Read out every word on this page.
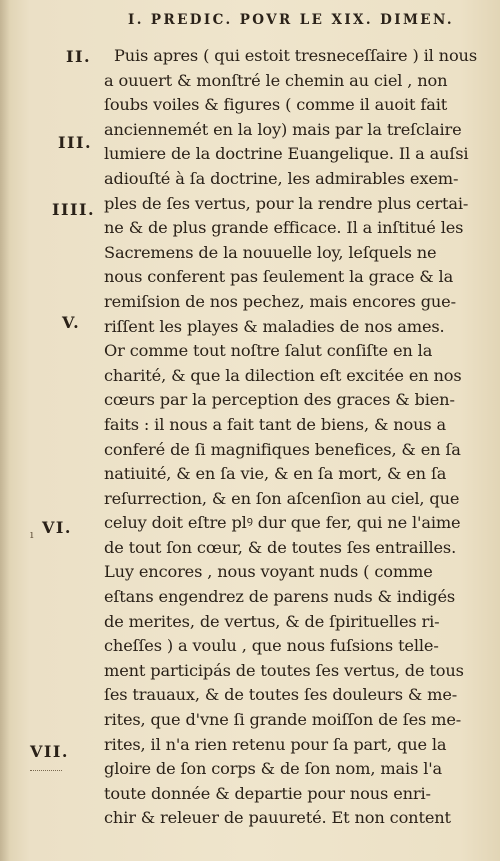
I. PREDIC. POVR LE XIX. DIMEN.
II.
III.
IIII.
V.
ı VI.
VII.
Puis apres ( qui estoit tresneceſſaire ) il nous
a ouuert & monſtré le chemin au ciel , non
ſoubs voiles & figures ( comme il auoit fait
anciennemét en la loy) mais par la treſclaire
lumiere de la doctrine Euangelique. Il a auſsi
adiouſté à ſa doctrine, les admirables exem-
ples de ſes vertus, pour la rendre plus certai-
ne & de plus grande efficace. Il a inſtitué les
Sacremens de la nouuelle loy, leſquels ne
nous conferent pas ſeulement la grace & la
remiſsion de nos pechez, mais encores gue-
riſſent les playes & maladies de nos ames.
Or comme tout noſtre ſalut conſiſte en la
charité, & que la dilection eſt excitée en nos
cœurs par la perception des graces & bien-
faits : il nous a fait tant de biens, & nous a
conferé de ſi magnifiques benefices, & en ſa
natiuité, & en ſa vie, & en ſa mort, & en ſa
reſurrection, & en ſon aſcenſion au ciel, que
celuy doit eſtre plꝰ dur que fer, qui ne l'aime
de tout ſon cœur, & de toutes ſes entrailles.
Luy encores , nous voyant nuds ( comme
eſtans engendrez de parens nuds & indigés
de merites, de vertus, & de ſpirituelles ri-
cheſſes ) a voulu , que nous fuſsions telle-
ment participás de toutes ſes vertus, de tous
ſes trauaux, & de toutes ſes douleurs & me-
rites, que d'vne ſi grande moiſſon de ſes me-
rites, il n'a rien retenu pour ſa part, que la
gloire de ſon corps & de ſon nom, mais l'a
toute donnée & departie pour nous enri-
chir & releuer de pauureté. Et non content
